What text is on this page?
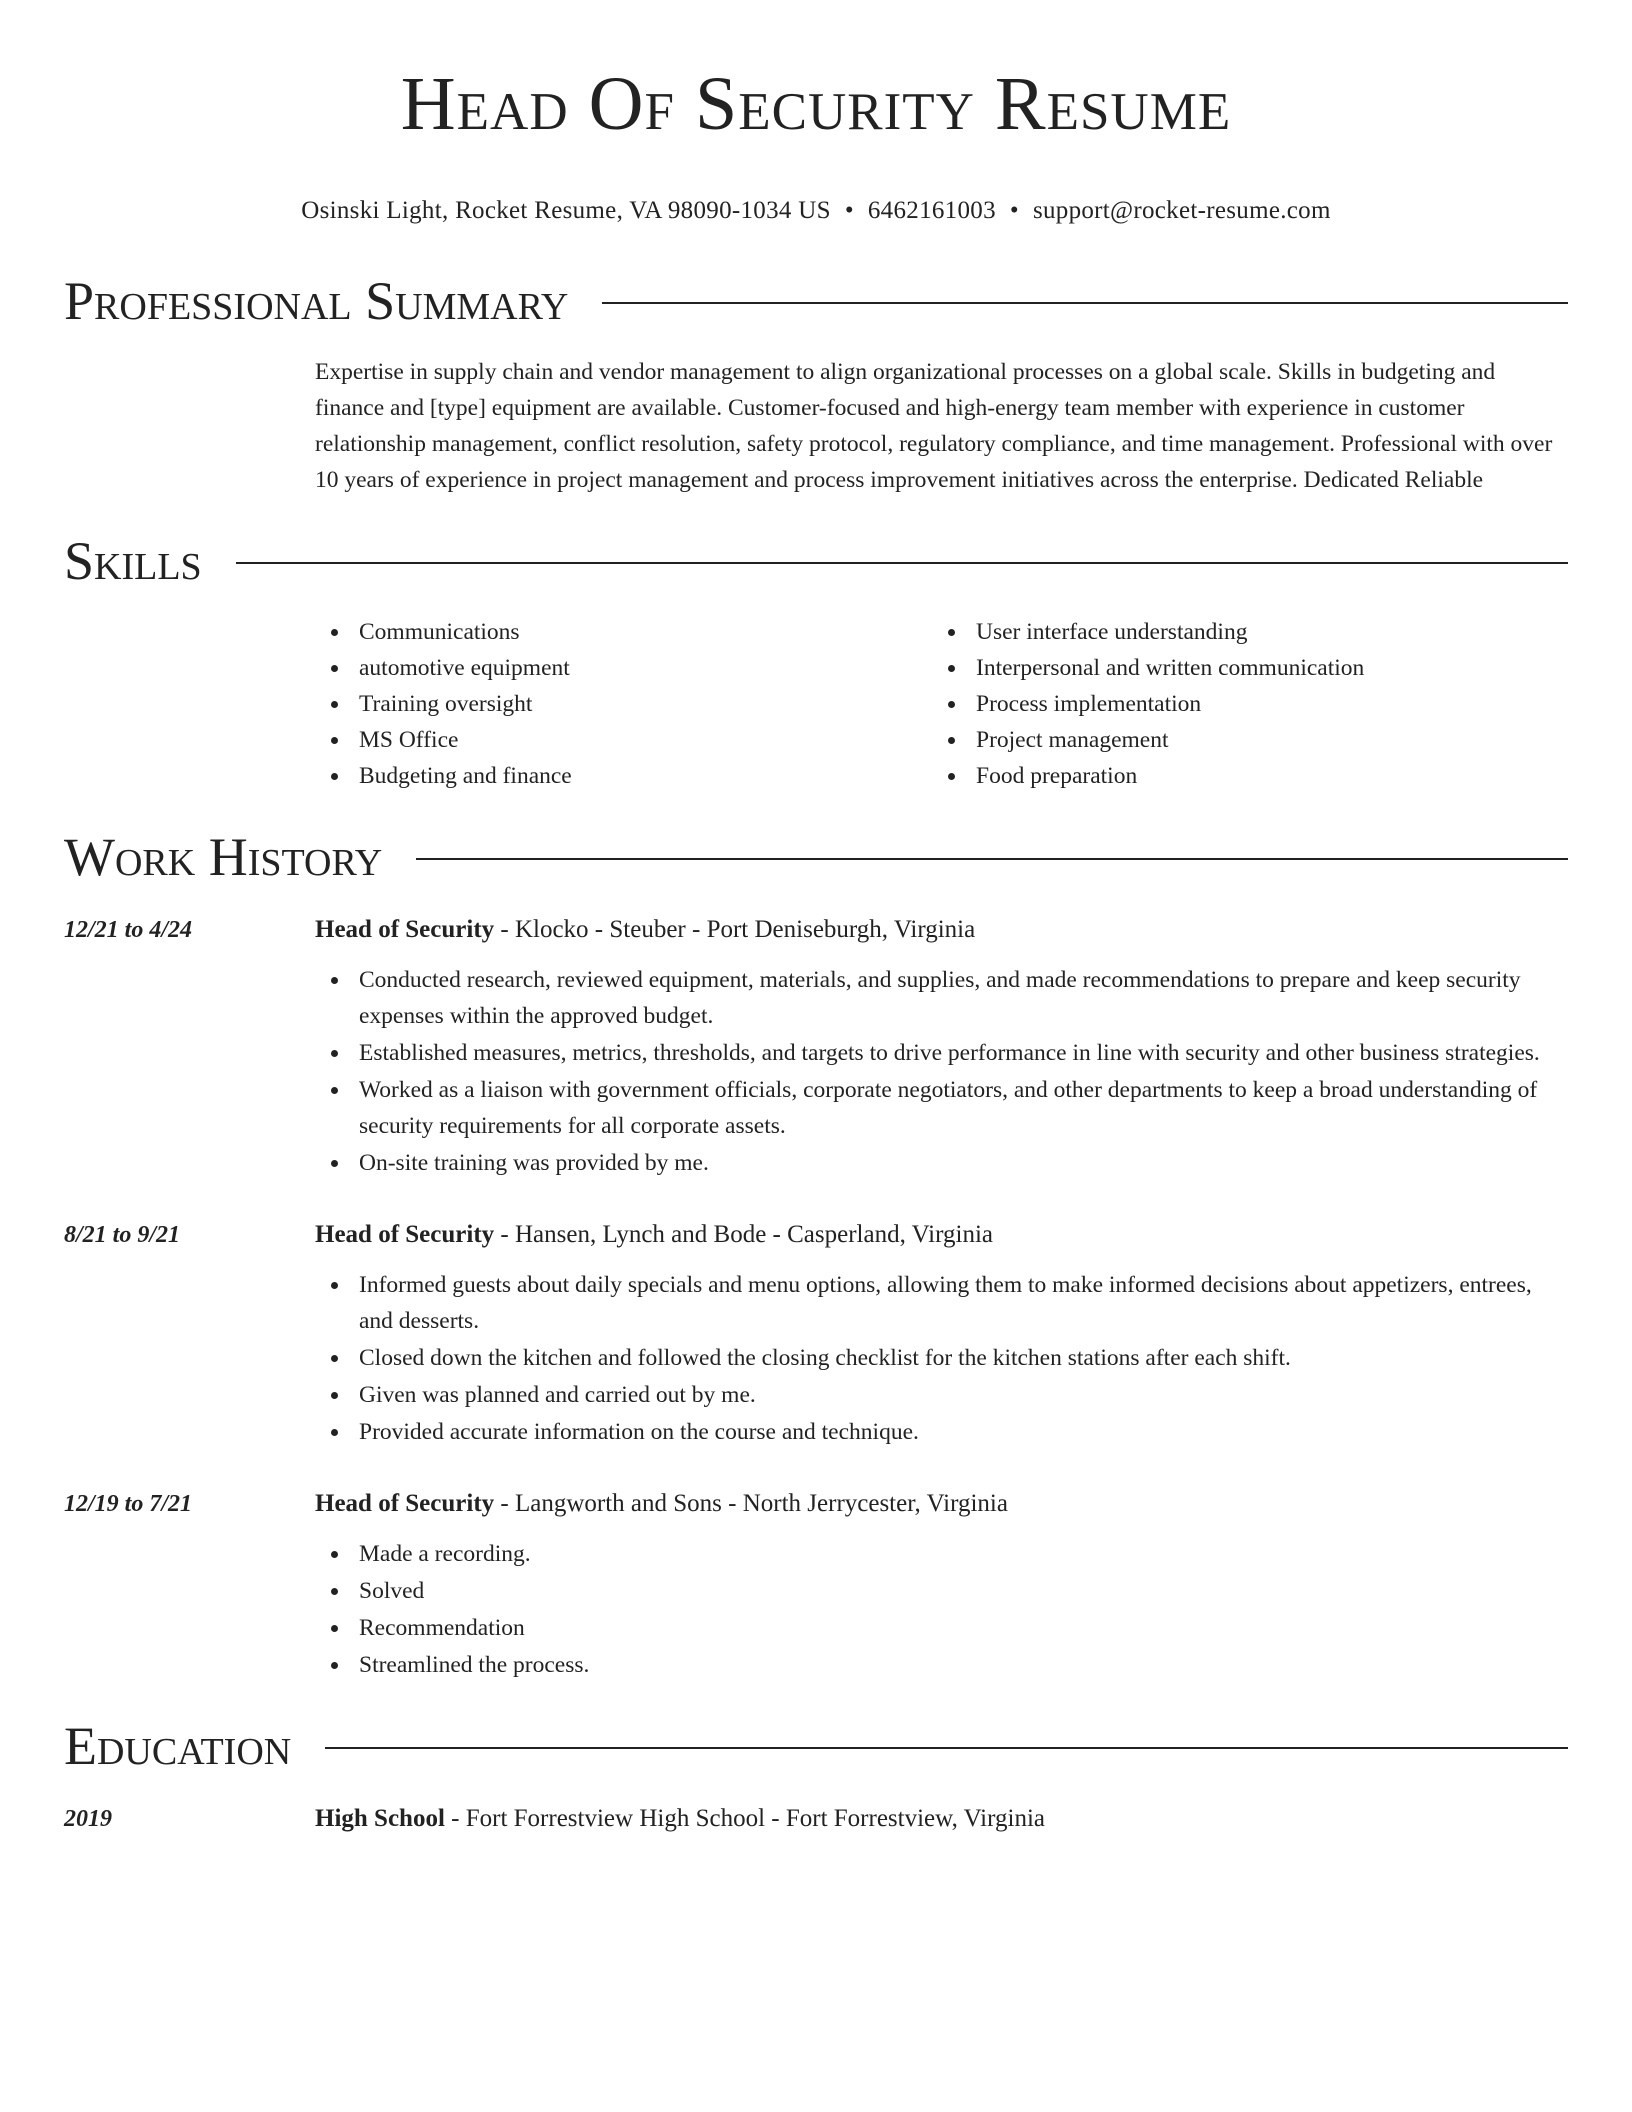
Head Of Security Resume
Osinski Light, Rocket Resume, VA 98090-1034 US • 6462161003 • support@rocket-resume.com
Professional Summary

Expertise in supply chain and vendor management to align organizational processes on a global scale. Skills in budgeting and finance and [type] equipment are available. Customer-focused and high-energy team member with experience in customer relationship management, conflict resolution, safety protocol, regulatory compliance, and time management. Professional with over 10 years of experience in project management and process improvement initiatives across the enterprise. Dedicated Reliable

Skills
Communications
automotive equipment
Training oversight
MS Office
Budgeting and finance
User interface understanding
Interpersonal and written communication
Process implementation
Project management
Food preparation
Work History
12/21 to 4/24	Head of Security - Klocko - Steuber - Port Deniseburgh, Virginia
Conducted research, reviewed equipment, materials, and supplies, and made recommendations to prepare and keep security expenses within the approved budget.
Established measures, metrics, thresholds, and targets to drive performance in line with security and other business strategies.
Worked as a liaison with government officials, corporate negotiators, and other departments to keep a broad understanding of security requirements for all corporate assets.
On-site training was provided by me.
8/21 to 9/21	Head of Security - Hansen, Lynch and Bode - Casperland, Virginia
Informed guests about daily specials and menu options, allowing them to make informed decisions about appetizers, entrees, and desserts.
Closed down the kitchen and followed the closing checklist for the kitchen stations after each shift.
Given was planned and carried out by me.
Provided accurate information on the course and technique.
12/19 to 7/21	Head of Security - Langworth and Sons - North Jerrycester, Virginia
Made a recording.
Solved
Recommendation
Streamlined the process.
Education
2019	High School - Fort Forrestview High School - Fort Forrestview, Virginia
